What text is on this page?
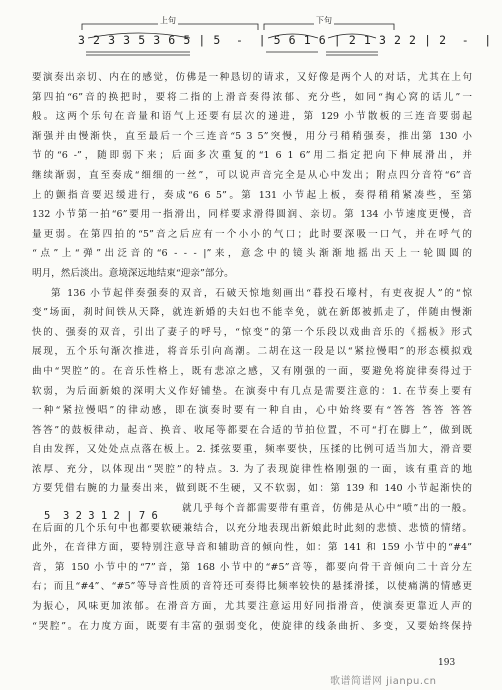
上句	下句
3 2 3 3 5 3 6 5 | 5  -  | 5 6 1 6 | 2 1 3 2 2 | 2  -  |
要演奏出亲切、内在的感觉，仿佛是一种恳切的请求，又好像是两个人的对话，尤其在上句
第四拍“6”音的换把时，要将二指的上滑音奏得浓郁、充分些，如同“掏心窝的话儿”一
般。这两个乐句在音量和语气上还要有层次的递进，第 129 小节散板的三连音要弱起
渐强并由慢渐快，直至最后一个三连音“5 3 5”突慢，用分弓稍稍强奏，推出第 130 小
节的“6 -”，随即弱下来；后面多次重复的“1 6 1 6”用二指定把向下伸展滑出，并
继续渐弱，直至奏成“细细的一丝”，可以说声音完全是从心中发出；附点四分音符“6”音
上的颤指音要迟缓进行，奏成“6 6 5”。第 131 小节起上板，奏得稍稍紧凑些，至第
132 小节第一拍“6”要用一指滑出，同样要求滑得圆润、亲切。第 134 小节速度更慢，音
量更弱。在第四拍的“5”音之后应有一个小小的气口；此时要深吸一口气，并在呼气的
“点”上“弹”出泛音的“6 - - - |”来，意念中的镜头渐渐地摇出天上一轮圆圆的
明月，然后淡出。意境深远地结束“迎亲”部分。
第 136 小节起伴奏强奏的双音，石破天惊地刻画出“暮投石壕村，有吏夜捉人”的“惊
变”场面，刹时间铁从天降，就连新婚的夫妇也不能幸免，就在新郎被抓走了，伴随由慢渐
快的、强奏的双音，引出了妻子的呼号，“惊变”的第一个乐段以戏曲音乐的《摇板》形式
展现，五个乐句渐次推进，将音乐引向高潮。二胡在这一段是以“紧拉慢唱”的形态模拟戏
曲中“哭腔”的。在音乐性格上，既有悲凉之感，又有刚强的一面，要避免将旋律奏得过于
软弱，为后面新娘的深明大义作好铺垫。在演奏中有几点是需要注意的：1. 在节奏上要有
一种“紧拉慢唱”的律动感，即在演奏时要有一种自由，心中始终要有“答答 答答 答答
答答”的鼓板律动，起音、换音、收尾等都要在合适的节拍位置，不可“打在脚上”，做到既
自由发挥，又处处点点落在板上。2. 揉弦要重，频率要快，压揉的比例可适当加大，滑音要
浓厚、充分，以体现出“哭腔”的特点。3. 为了表现旋律性格刚强的一面，该有重音的地
方要凭借右腕的力量奏出来，做到既不生硬，又不软弱，如：第 139 和 140 小节起渐快的
就几乎每个音都需要带有重音，仿佛是从心中“喷”出的一般。
在后面的几个乐句中也都要软硬兼结合，以充分地表现出新娘此时此刻的悲愤、悲愤的情绪。
此外，在音律方面，要特别注意导音和辅助音的倾向性，如：第 141 和 159 小节中的“#4”
音，第 150 小节中的“7”音，第 168 小节中的“#5”音等，都要向骨干音倾向二十音分左
右；而且“#4”、“#5”等导音性质的音符还可奏得比频率较快的悬揉滑揉，以使痛满的情感更
为振心，风味更加浓郁。在滑音方面，尤其要注意运用好同指滑音，使演奏更靠近人声的
“哭腔”。在力度方面，既要有丰富的强弱变化，使旋律的线条曲折、多变，又要始终保持
5  3 2 3 1 2 | 7 6
193
歌谱简谱网 jianpu.cn
